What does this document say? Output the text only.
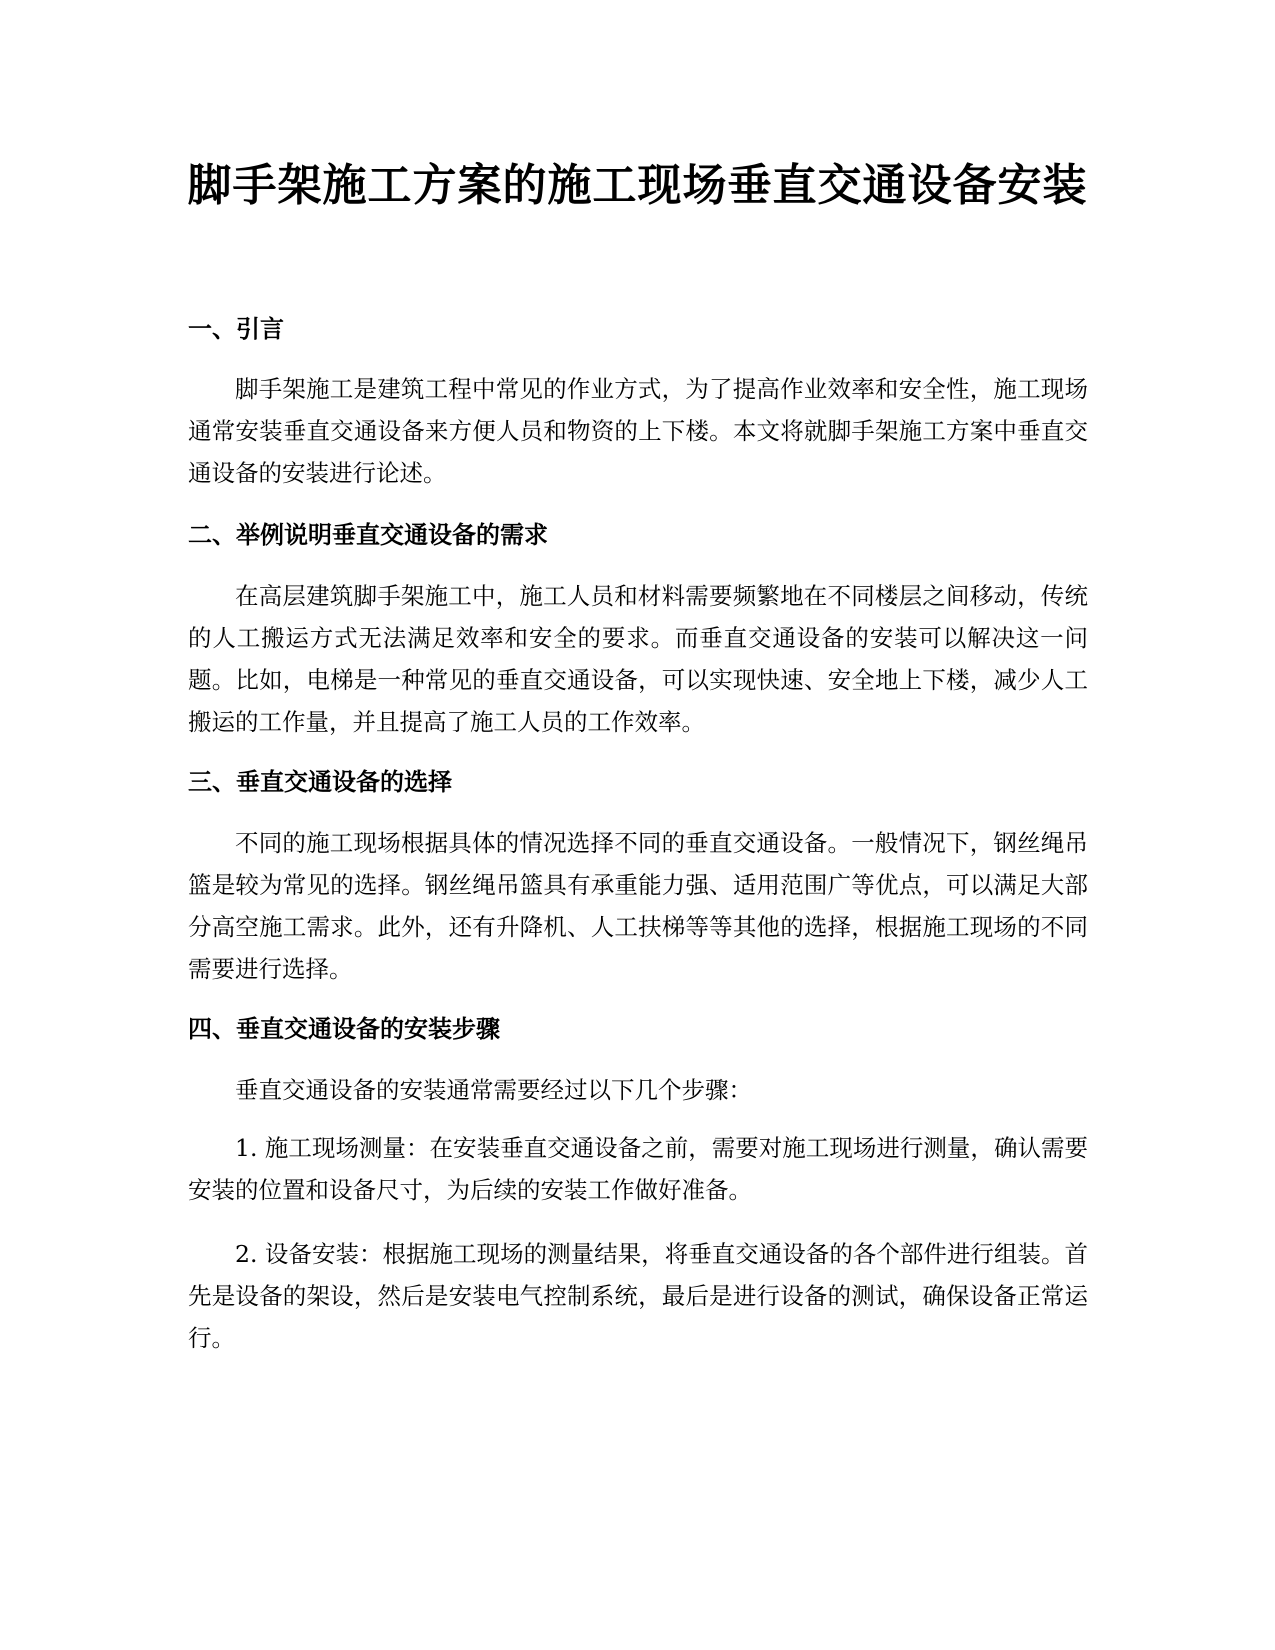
脚手架施工方案的施工现场垂直交通设备安装
一、引言

脚手架施工是建筑工程中常见的作业方式，为了提高作业效率和安全性，施工现场通常安装垂直交通设备来方便人员和物资的上下楼。本文将就脚手架施工方案中垂直交通设备的安装进行论述。

二、举例说明垂直交通设备的需求

在高层建筑脚手架施工中，施工人员和材料需要频繁地在不同楼层之间移动，传统的人工搬运方式无法满足效率和安全的要求。而垂直交通设备的安装可以解决这一问题。比如，电梯是一种常见的垂直交通设备，可以实现快速、安全地上下楼，减少人工搬运的工作量，并且提高了施工人员的工作效率。

三、垂直交通设备的选择

不同的施工现场根据具体的情况选择不同的垂直交通设备。一般情况下，钢丝绳吊篮是较为常见的选择。钢丝绳吊篮具有承重能力强、适用范围广等优点，可以满足大部分高空施工需求。此外，还有升降机、人工扶梯等等其他的选择，根据施工现场的不同需要进行选择。

四、垂直交通设备的安装步骤

垂直交通设备的安装通常需要经过以下几个步骤：

1. 施工现场测量：在安装垂直交通设备之前，需要对施工现场进行测量，确认需要安装的位置和设备尺寸，为后续的安装工作做好准备。

2. 设备安装：根据施工现场的测量结果，将垂直交通设备的各个部件进行组装。首先是设备的架设，然后是安装电气控制系统，最后是进行设备的测试，确保设备正常运行。
